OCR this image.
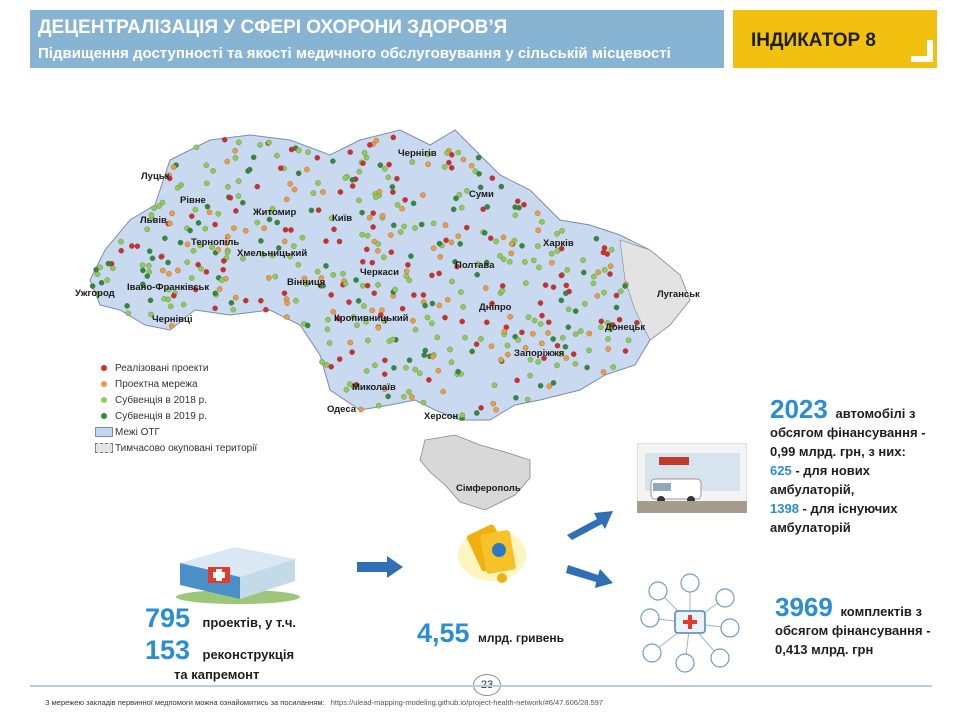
ДЕЦЕНТРАЛІЗАЦІЯ У СФЕРІ ОХОРОНИ ЗДОРОВ’Я
Підвищення доступності та якості медичного обслуговування у сільській місцевості
ІНДИКАТОР 8
Луцьк
Рівне
Житомир
Київ
Чернігів
Суми
Львів
Тернопіль
Хмельницький
Харків
Ужгород
Івано-Франківськ	Вінниця
Черкаси
Полтава
Луганськ
Чернівці	Кропивницький
Дніпро
Донецьк
Запоріжжя
Миколаїв
Одеса
Херсон
Сімферополь
Реалізовані проекти
Проектна мережа
Субвенція в 2018 р.
Субвенція в 2019 р.
Межі ОТГ
Тимчасово окуповані території
795 проектів, у т.ч.
153 реконструкція
та капремонт
4,55 млрд. гривень
2023 автомобілі з
обсягом фінансування -
0,99 млрд. грн, з них:
625 - для нових
амбулаторій,
1398 - для існуючих
амбулаторій
3969 комплектів з
обсягом фінансування -
0,413 млрд. грн
З мережею закладів первинної медпомоги можна ознайомитись за посиланням: https://ulead-mapping-modeling.github.io/project-health-network/#6/47.606/28.597
